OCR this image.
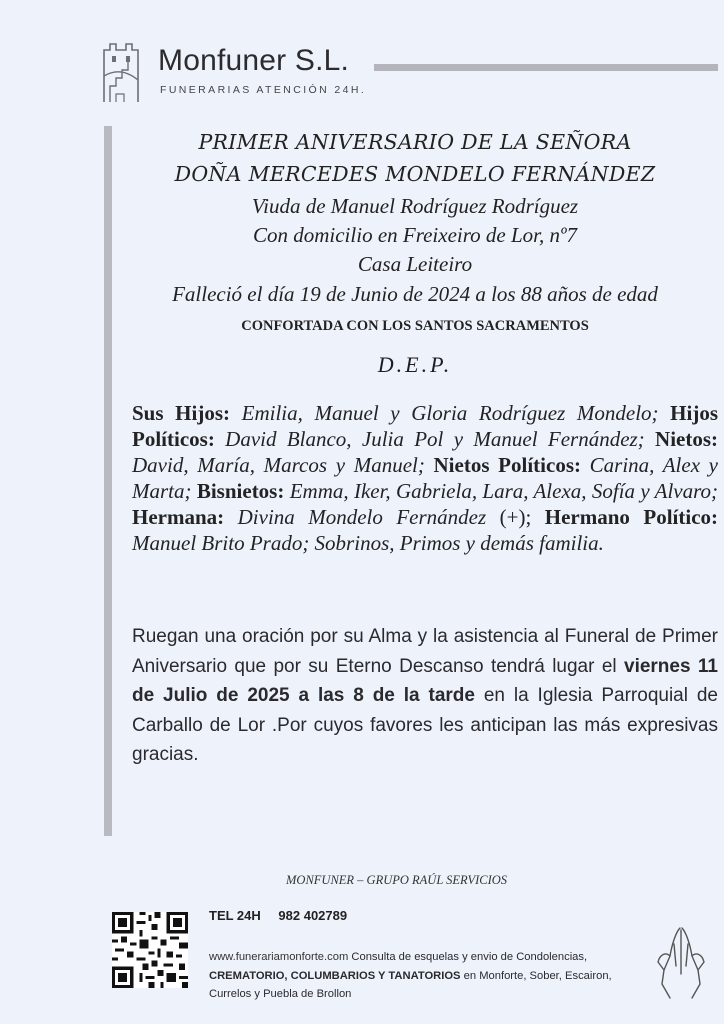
Monfuner S.L.
FUNERARIAS ATENCIÓN 24H.
PRIMER ANIVERSARIO DE LA SEÑORA
DOÑA MERCEDES MONDELO FERNÁNDEZ
Viuda de Manuel Rodríguez Rodríguez
Con domicilio en Freixeiro de Lor, nº7
Casa Leiteiro
Falleció el día 19 de Junio de 2024 a los 88 años de edad
CONFORTADA CON LOS SANTOS SACRAMENTOS
D.E.P.
Sus Hijos: Emilia, Manuel y Gloria Rodríguez Mondelo; Hijos Políticos: David Blanco, Julia Pol y Manuel Fernández; Nietos: David, María, Marcos y Manuel; Nietos Políticos: Carina, Alex y Marta; Bisnietos: Emma, Iker, Gabriela, Lara, Alexa, Sofía y Alvaro; Hermana: Divina Mondelo Fernández (+); Hermano Político: Manuel Brito Prado; Sobrinos, Primos y demás familia.
Ruegan una oración por su Alma y la asistencia al Funeral de Primer Aniversario que por su Eterno Descanso tendrá lugar el viernes 11 de Julio de 2025 a las 8 de la tarde en la Iglesia Parroquial de Carballo de Lor .Por cuyos favores les anticipan las más expresivas gracias.
MONFUNER – GRUPO RAÚL SERVICIOS
TEL 24H 982 402789
www.funerariamonforte.com Consulta de esquelas y envio de Condolencias, CREMATORIO, COLUMBARIOS Y TANATORIOS en Monforte, Sober, Escairon, Currelos y Puebla de Brollon
